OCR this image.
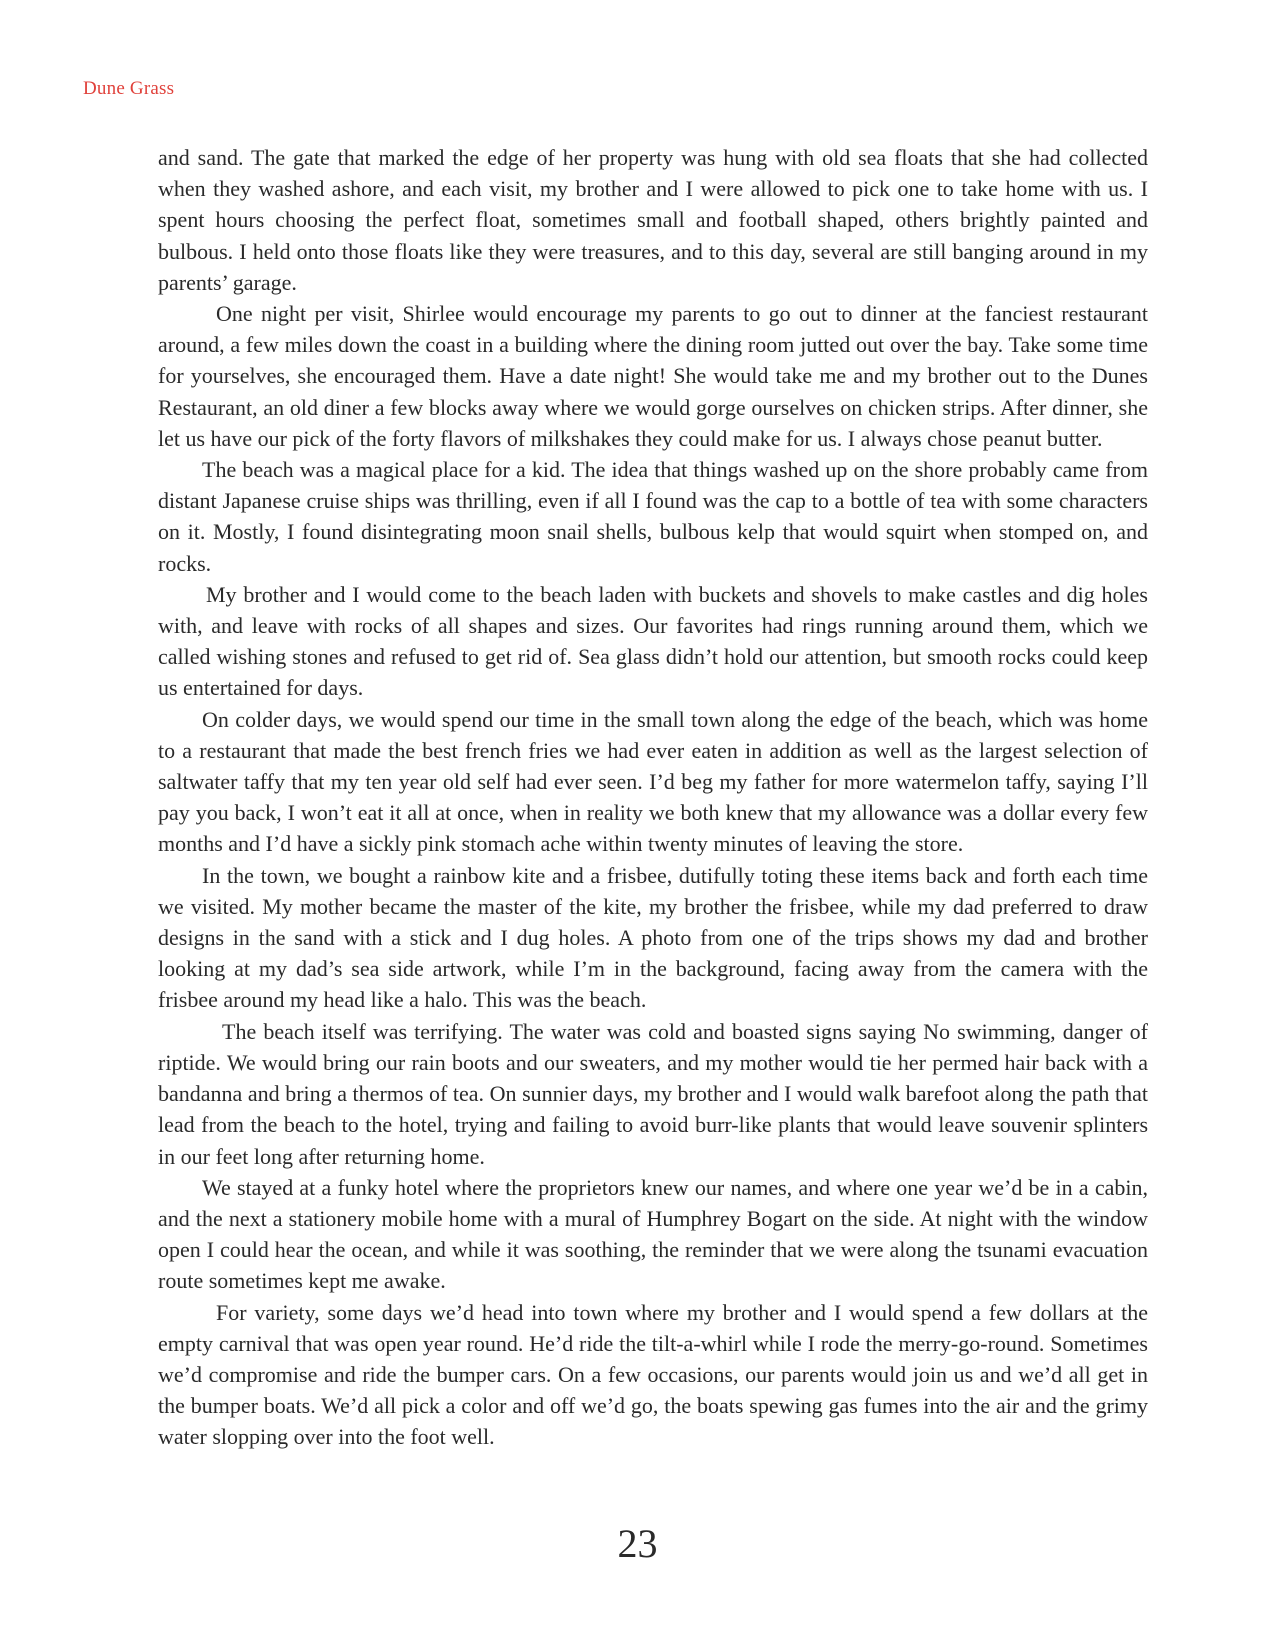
Dune Grass

and sand. The gate that marked the edge of her property was hung with old sea floats that she had collected when they washed ashore, and each visit, my brother and I were allowed to pick one to take home with us. I spent hours choosing the perfect float, sometimes small and football shaped, others brightly painted and bulbous. I held onto those floats like they were treasures, and to this day, several are still banging around in my parents’ garage.

One night per visit, Shirlee would encourage my parents to go out to dinner at the fanciest restaurant around, a few miles down the coast in a building where the dining room jutted out over the bay. Take some time for yourselves, she encouraged them. Have a date night! She would take me and my brother out to the Dunes Restaurant, an old diner a few blocks away where we would gorge ourselves on chicken strips. After dinner, she let us have our pick of the forty flavors of milkshakes they could make for us. I always chose peanut butter.

The beach was a magical place for a kid. The idea that things washed up on the shore probably came from distant Japanese cruise ships was thrilling, even if all I found was the cap to a bottle of tea with some characters on it. Mostly, I found disintegrating moon snail shells, bulbous kelp that would squirt when stomped on, and rocks.

My brother and I would come to the beach laden with buckets and shovels to make castles and dig holes with, and leave with rocks of all shapes and sizes. Our favorites had rings running around them, which we called wishing stones and refused to get rid of. Sea glass didn’t hold our attention, but smooth rocks could keep us entertained for days.

On colder days, we would spend our time in the small town along the edge of the beach, which was home to a restaurant that made the best french fries we had ever eaten in addition as well as the largest selection of saltwater taffy that my ten year old self had ever seen. I’d beg my father for more watermelon taffy, saying I’ll pay you back, I won’t eat it all at once, when in reality we both knew that my allowance was a dollar every few months and I’d have a sickly pink stomach ache within twenty minutes of leaving the store.

In the town, we bought a rainbow kite and a frisbee, dutifully toting these items back and forth each time we visited. My mother became the master of the kite, my brother the frisbee, while my dad preferred to draw designs in the sand with a stick and I dug holes. A photo from one of the trips shows my dad and brother looking at my dad’s sea side artwork, while I’m in the background, facing away from the camera with the frisbee around my head like a halo. This was the beach.

The beach itself was terrifying. The water was cold and boasted signs saying No swimming, danger of riptide. We would bring our rain boots and our sweaters, and my mother would tie her permed hair back with a bandanna and bring a thermos of tea. On sunnier days, my brother and I would walk barefoot along the path that lead from the beach to the hotel, trying and failing to avoid burr-like plants that would leave souvenir splinters in our feet long after returning home.

We stayed at a funky hotel where the proprietors knew our names, and where one year we’d be in a cabin, and the next a stationery mobile home with a mural of Humphrey Bogart on the side. At night with the window open I could hear the ocean, and while it was soothing, the reminder that we were along the tsunami evacuation route sometimes kept me awake.

For variety, some days we’d head into town where my brother and I would spend a few dollars at the empty carnival that was open year round. He’d ride the tilt-a-whirl while I rode the merry-go-round. Sometimes we’d compromise and ride the bumper cars. On a few occasions, our parents would join us and we’d all get in the bumper boats. We’d all pick a color and off we’d go, the boats spewing gas fumes into the air and the grimy water slopping over into the foot well.

23
